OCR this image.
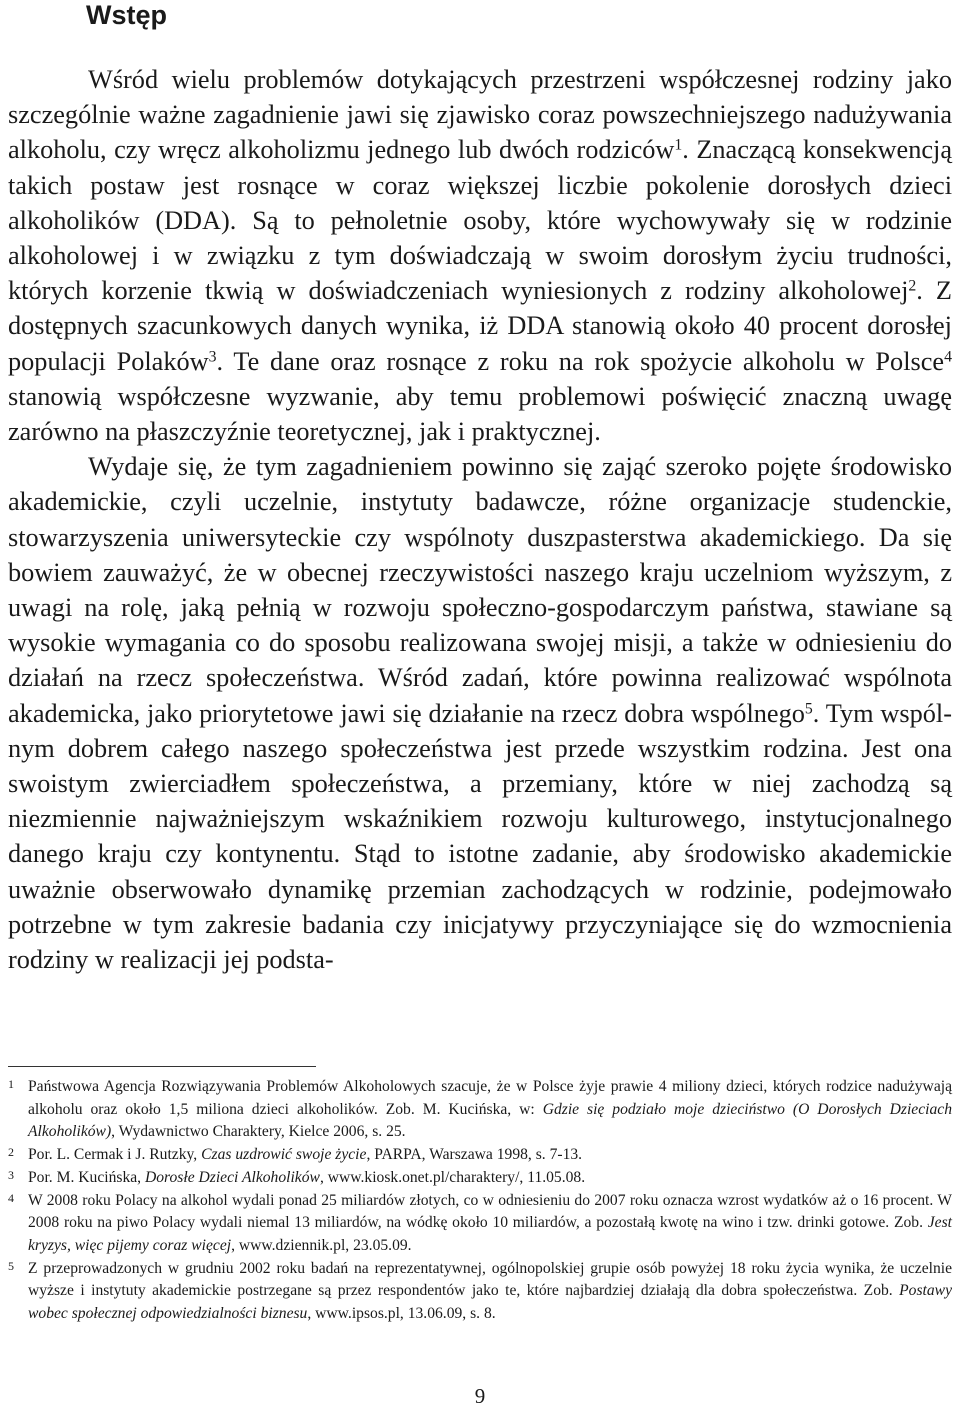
Wstęp

Wśród wielu problemów dotykających przestrzeni współczesnej rodziny jako szczególnie ważne zagadnienie jawi się zjawisko coraz powszechniejszego nadużywania alkoholu, czy wręcz alkoholizmu jednego lub dwóch rodziców$^1$. Znaczącą konsekwencją takich postaw jest rosnące w coraz większej liczbie pokolenie dorosłych dzieci alkoholików (DDA). Są to pełnoletnie osoby, które wychowywały się w rodzinie alkoholowej i w związku z tym doświadczają w swoim dorosłym życiu trudności, których korzenie tkwią w doświadczeniach wyniesionych z rodziny alkoholowej$^2$. Z dostępnych szacunkowych danych wynika, iż DDA stanowią około 40 procent dorosłej populacji Polaków$^3$. Te dane oraz rosnące z roku na rok spożycie alkoholu w Polsce$^4$ stanowią współczesne wyzwanie, aby temu problemowi poświęcić znaczną uwagę zarówno na płaszczyźnie teoretycznej, jak i praktycznej.

Wydaje się, że tym zagadnieniem powinno się zająć szeroko pojęte środowisko akademickie, czyli uczelnie, instytuty badawcze, różne organizacje studenckie, stowarzyszenia uniwersyteckie czy wspólnoty duszpasterstwa akademickiego. Da się bowiem zauważyć, że w obecnej rzeczywistości naszego kraju uczelniom wyższym, z uwagi na rolę, jaką pełnią w rozwoju społeczno-gospodarczym państwa, stawiane są wysokie wymagania co do sposobu realizowana swojej misji, a także w odniesieniu do działań na rzecz społeczeństwa. Wśród zadań, które powinna realizować wspólnota akademicka, jako priorytetowe jawi się działanie na rzecz dobra wspólnego$^5$. Tym wspólnym dobrem całego naszego społeczeństwa jest przede wszystkim rodzina. Jest ona swoistym zwierciadłem społeczeństwa, a przemiany, które w niej zachodzą są niezmiennie najważniejszym wskaźnikiem rozwoju kulturowego, instytucjonalnego danego kraju czy kontynentu. Stąd to istotne zadanie, aby środowisko akademickie uważnie obserwowało dynamikę przemian zachodzących w rodzinie, podejmowało potrzebne w tym zakresie badania czy inicjatywy przyczyniające się do wzmocnienia rodziny w realizacji jej podsta-

1 Państwowa Agencja Rozwiązywania Problemów Alkoholowych szacuje, że w Polsce żyje prawie 4 miliony dzieci, których rodzice nadużywają alkoholu oraz około 1,5 miliona dzieci alkoholików. Zob. M. Kucińska, w: Gdzie się podziało moje dzieciństwo (O Dorosłych Dzieciach Alkoholików), Wydawnictwo Charaktery, Kielce 2006, s. 25.
2 Por. L. Cermak i J. Rutzky, Czas uzdrowić swoje życie, PARPA, Warszawa 1998, s. 7-13.
3 Por. M. Kucińska, Dorosłe Dzieci Alkoholików, www.kiosk.onet.pl/charaktery/, 11.05.08.
4 W 2008 roku Polacy na alkohol wydali ponad 25 miliardów złotych, co w odniesieniu do 2007 roku oznacza wzrost wydatków aż o 16 procent. W 2008 roku na piwo Polacy wydali niemal 13 miliardów, na wódkę około 10 miliardów, a pozostałą kwotę na wino i tzw. drinki gotowe. Zob. Jest kryzys, więc pijemy coraz więcej, www.dziennik.pl, 23.05.09.
5 Z przeprowadzonych w grudniu 2002 roku badań na reprezentatywnej, ogólnopolskiej grupie osób powyżej 18 roku życia wynika, że uczelnie wyższe i instytuty akademickie postrzegane są przez respondentów jako te, które najbardziej działają dla dobra społeczeństwa. Zob. Postawy wobec społecznej odpowiedzialności biznesu, www.ipsos.pl, 13.06.09, s. 8.
9
